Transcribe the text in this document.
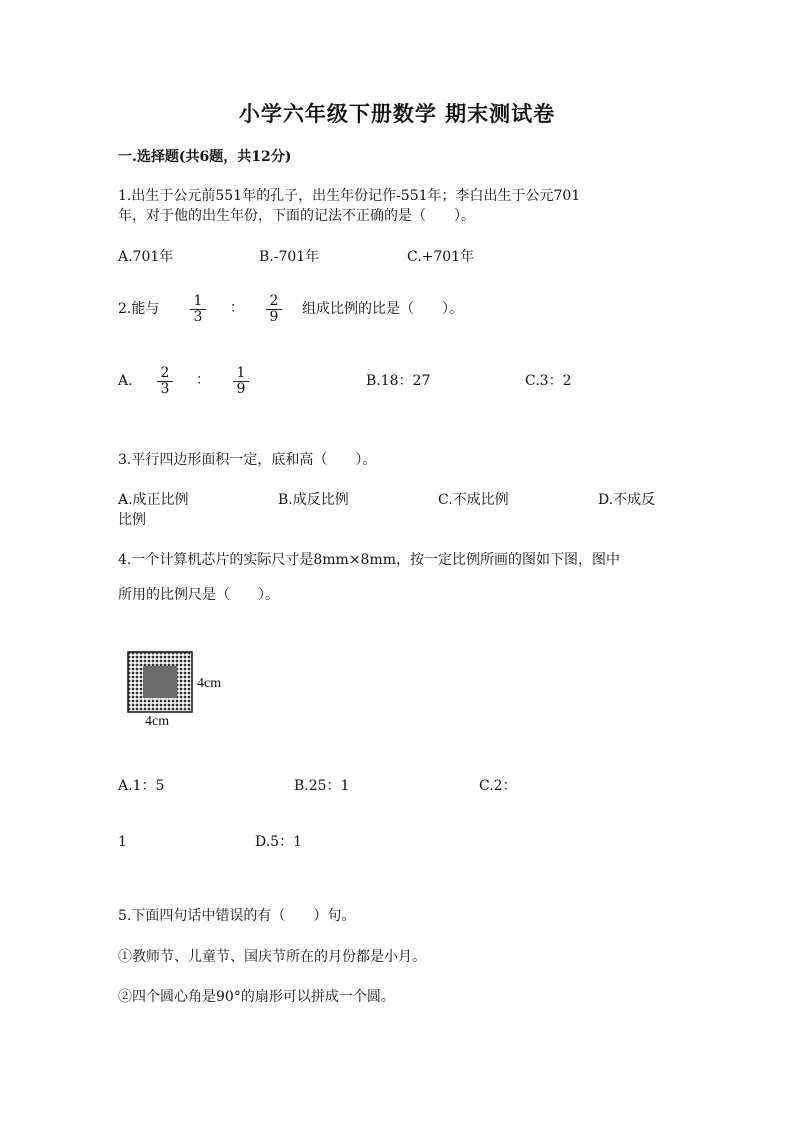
小学六年级下册数学 期末测试卷
一.选择题(共6题，共12分)
1.出生于公元前551年的孔子，出生年份记作-551年；李白出生于公元701
年，对于他的出生年份，下面的记法不正确的是（　　）。
A.701年	B.-701年	C.+701年
2.能与	1
3
：	2
9	组成比例的比是（　　）。
A.	2
3
：	1
9	B.18：27	C.3：2
3.平行四边形面积一定，底和高（　　）。
A.成正比例	B.成反比例	C.不成比例	D.不成反
比例
4.一个计算机芯片的实际尺寸是8mm×8mm，按一定比例所画的图如下图，图中
所用的比例尺是（　　）。
4cm
4cm
A.1：5	B.25：1	C.2：
1	D.5：1
5.下面四句话中错误的有（　　）句。
①教师节、儿童节、国庆节所在的月份都是小月。
②四个圆心角是90°的扇形可以拼成一个圆。
